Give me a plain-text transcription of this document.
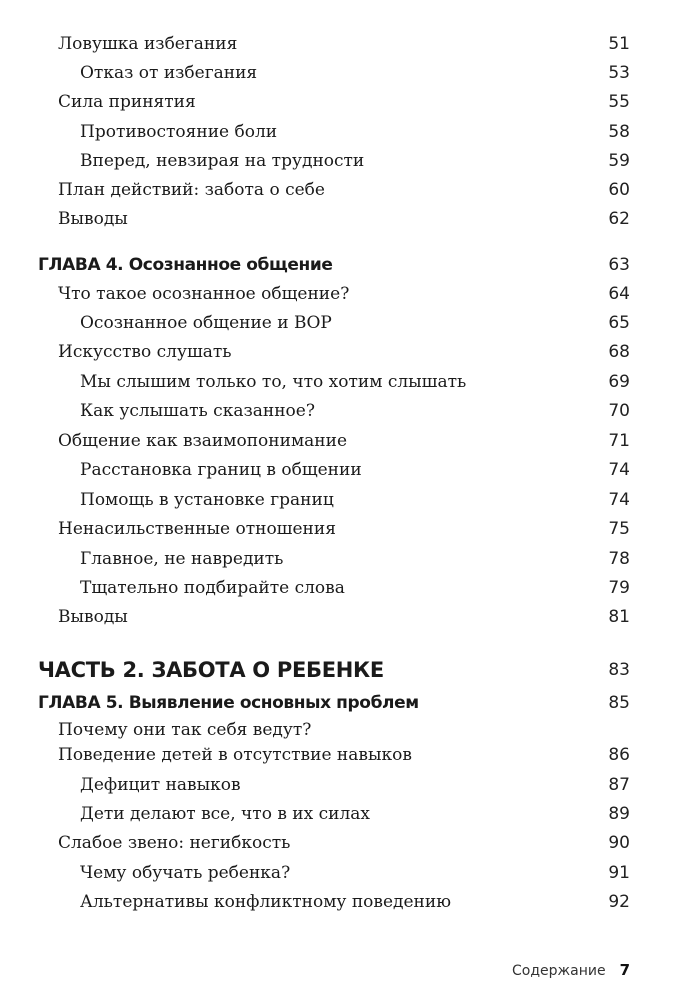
Ловушка избегания	51
Отказ от избегания	53
Сила принятия	55
Противостояние боли	58
Вперед, невзирая на трудности	59
План действий: забота о себе	60
Выводы	62
ГЛАВА 4. Осознанное общение	63
Что такое осознанное общение?	64
Осознанное общение и ВОР	65
Искусство слушать	68
Мы слышим только то, что хотим слышать	69
Как услышать сказанное?	70
Общение как взаимопонимание	71
Расстановка границ в общении	74
Помощь в установке границ	74
Ненасильственные отношения	75
Главное, не навредить	78
Тщательно подбирайте слова	79
Выводы	81
ЧАСТЬ 2. ЗАБОТА О РЕБЕНКЕ	83
ГЛАВА 5. Выявление основных проблем	85
Почему они так себя ведут?
Поведение детей в отсутствие навыков	86
Дефицит навыков	87
Дети делают все, что в их силах	89
Слабое звено: негибкость	90
Чему обучать ребенка?	91
Альтернативы конфликтному поведению	92
Содержание 7
